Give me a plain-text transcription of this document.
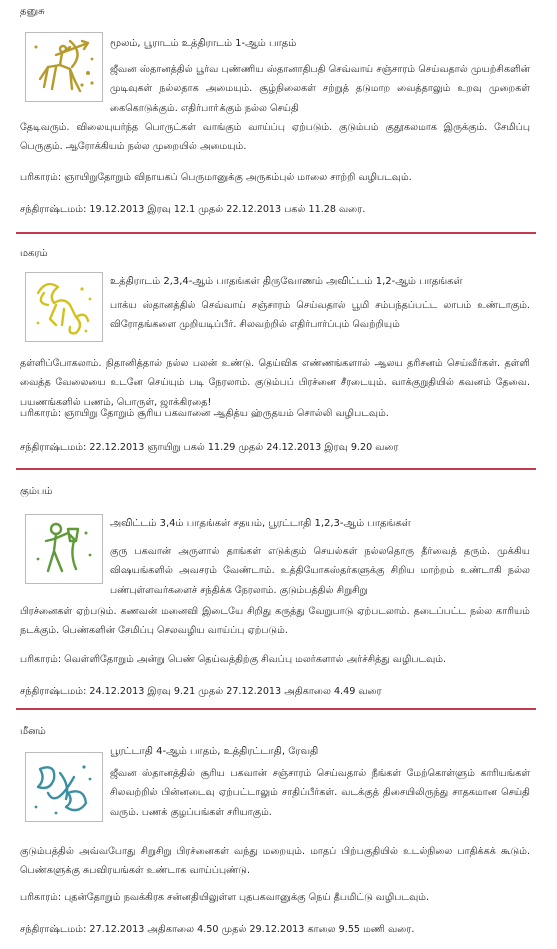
தனுசு
மூலம், பூராடம் உத்திராடம் 1-ஆம் பாதம்

ஜீவன ஸ்தானத்தில் பூர்வ புண்ணிய ஸ்தானாதிபதி செவ்வாய் சஞ்சாரம் செய்வதால் முயற்சிகளின் முடிவுகள் நல்லதாக அமையும். சூழ்நிலைகள் சற்றுத் தடுமாற வைத்தாலும் உறவு முறைகள் கைகொடுக்கும். எதிர்பாா்க்கும் நல்ல செய்தி

தேடிவரும். விலையுயர்ந்த பொருட்கள் வாங்கும் வாய்ப்பு ஏற்படும். குடும்பம் குதூகலமாக இருக்கும். சேமிப்பு பெருகும். ஆரோக்கியம் நல்ல முறையில் அமையும்.

பரிகாரம்: ஞாயிறுதோறும் விநாயகப் பெருமானுக்கு அருகம்புல் மாலை சாற்றி வழிபடவும்.
சந்திராஷ்டமம்: 19.12.2013 இரவு 12.1 முதல் 22.12.2013 பகல் 11.28 வரை.
மகரம்
உத்திராடம் 2,3,4-ஆம் பாதங்கள் திருவோணம் அவிட்டம் 1,2-ஆம் பாதங்கள்

பாக்ய ஸ்தானத்தில் செவ்வாய் சஞ்சாரம் செய்வதால் பூமி சம்பந்தப்பட்ட லாபம் உண்டாகும். விரோதங்களை முறியடிப்பீர். சிலவற்றில் எதிர்பார்ப்பும் வெற்றியும்

தள்ளிப்போகலாம். நிதானித்தால் நல்ல பலன் உண்டு. தெய்விக எண்ணங்களால் ஆலய தரிசனம் செய்வீர்கள். தள்ளி வைத்த வேலையை உடனே செய்யும் படி நேரலாம். குடும்பப் பிரச்னை சீரடையும். வாக்குறுதியில் கவனம் தேவை. பயணங்களில் பணம், பொருள், ஜாக்கிரதை!

பரிகாரம்: ஞாயிறு தோறும் சூரிய பகவானை ஆதித்ய ஹ்ருதயம் சொல்லி வழிபடவும்.
சந்திராஷ்டமம்: 22.12.2013 ஞாயிறு பகல் 11.29 முதல் 24.12.2013 இரவு 9.20 வரை
கும்பம்
அவிட்டம் 3,4ம் பாதங்கள் சதயம், பூரட்டாதி 1,2,3-ஆம் பாதங்கள்

குரு பகவான் அருளால் தாங்கள் எடுக்கும் செயல்கள் நல்லதொரு தீர்வைத் தரும். முக்கிய விஷயங்களில் அவசரம் வேண்டாம். உத்தியோகஸ்தர்களுக்கு சிறிய மாற்றம் உண்டாகி நல்ல பண்புள்ளவர்களைச் சந்திக்க நேரலாம். குடும்பத்தில் சிறுசிறு

பிரச்னைகள் ஏற்படும். கணவன் மனைவி இடையே சிறிது கருத்து வேறுபாடு ஏற்படலாம். தடைப்பட்ட நல்ல காரியம் நடக்கும். பெண்களின் சேமிப்பு செலவழிய வாய்ப்பு ஏற்படும்.

பரிகாரம்: வெள்ளிதோறும் அன்று பெண் தெய்வத்திற்கு சிவப்பு மலர்களால் அர்ச்சித்து வழிபடவும்.
சந்திராஷ்டமம்: 24.12.2013 இரவு 9.21 முதல் 27.12.2013 அதிகாலை 4.49 வரை
மீனம்
பூரட்டாதி 4-ஆம் பாதம், உத்திரட்டாதி, ரேவதி

ஜீவன ஸ்தானத்தில் சூரிய பகவான் சஞ்சாரம் செய்வதால் நீங்கள் மேற்கொள்ளும் காரியங்கள் சிலவற்றில் பின்னடைவு ஏற்பட்டாலும் சாதிப்பீர்கள். வடக்குத் திசையிலிருந்து சாதகமான செய்தி வரும். பணக் குழப்பங்கள் சரியாகும்.

குடும்பத்தில் அவ்வபோது சிறுசிறு பிரச்னைகள் வந்து மறையும். மாதப் பிற்பகுதியில் உடல்நிலை பாதிக்கக் கூடும். பெண்களுக்கு சுபவிரயங்கள் உண்டாக வாய்ப்புண்டு.

பரிகாரம்: புதன்தோறும் நவக்கிரக சன்னதியிலுள்ள புதபகவானுக்கு நெய் தீபமிட்டு வழிபடவும்.
சந்திராஷ்டமம்: 27.12.2013 அதிகாலை 4.50 முதல் 29.12.2013 காலை 9.55 மணி வரை.
